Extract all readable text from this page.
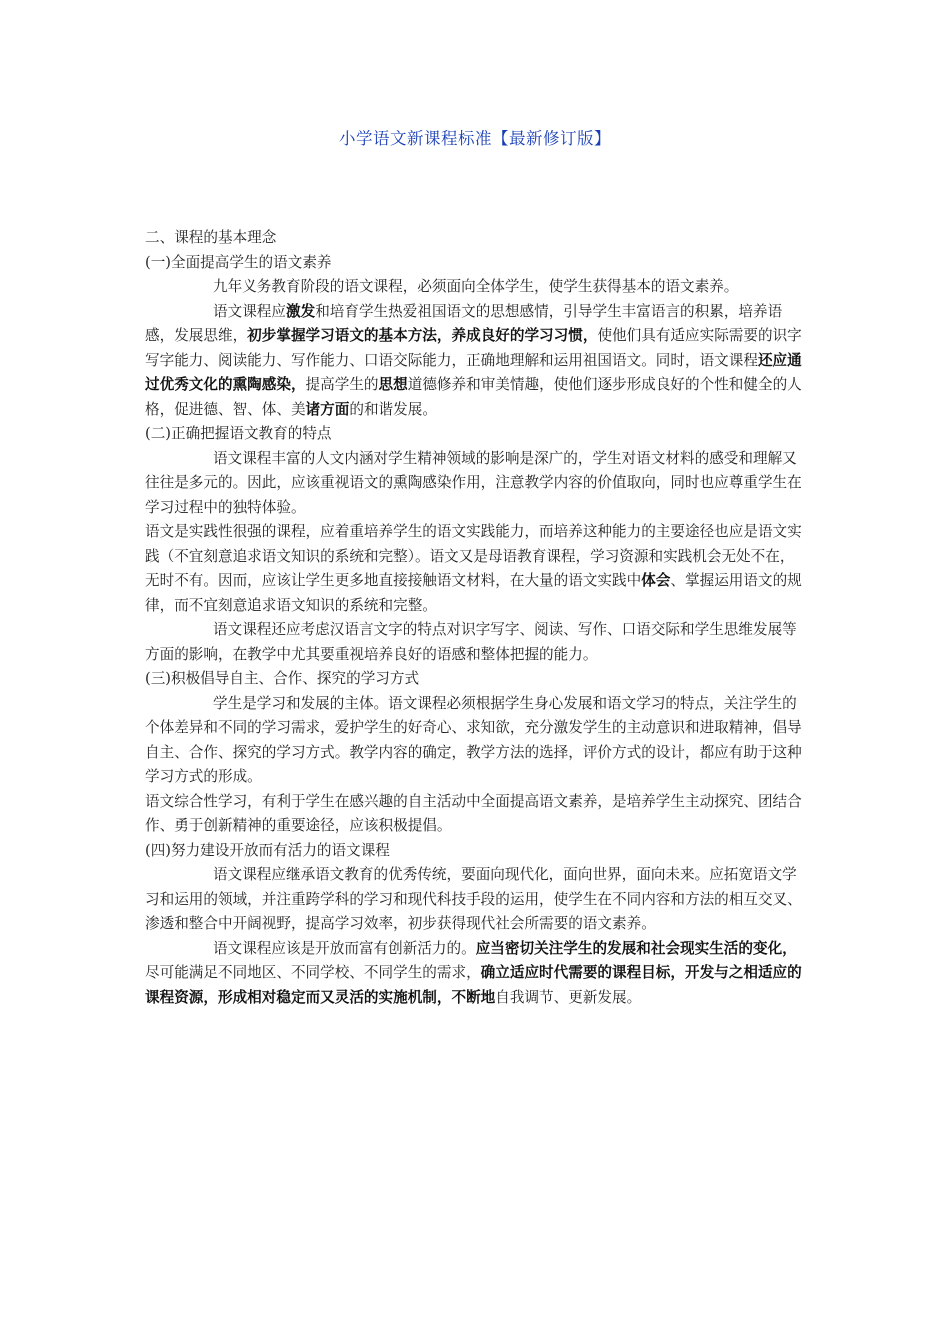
小学语文新课程标准【最新修订版】

二、课程的基本理念

(一)全面提高学生的语文素养

九年义务教育阶段的语文课程，必须面向全体学生，使学生获得基本的语文素养。

语文课程应激发和培育学生热爱祖国语文的思想感情，引导学生丰富语言的积累，培养语感，发展思维，初步掌握学习语文的基本方法，养成良好的学习习惯，使他们具有适应实际需要的识字写字能力、阅读能力、写作能力、口语交际能力，正确地理解和运用祖国语文。同时，语文课程还应通过优秀文化的熏陶感染，提高学生的思想道德修养和审美情趣，使他们逐步形成良好的个性和健全的人格，促进德、智、体、美诸方面的和谐发展。

(二)正确把握语文教育的特点

语文课程丰富的人文内涵对学生精神领域的影响是深广的，学生对语文材料的感受和理解又往往是多元的。因此，应该重视语文的熏陶感染作用，注意教学内容的价值取向，同时也应尊重学生在学习过程中的独特体验。

语文是实践性很强的课程，应着重培养学生的语文实践能力，而培养这种能力的主要途径也应是语文实践（不宜刻意追求语文知识的系统和完整）。语文又是母语教育课程，学习资源和实践机会无处不在，无时不有。因而，应该让学生更多地直接接触语文材料，在大量的语文实践中体会、掌握运用语文的规律，而不宜刻意追求语文知识的系统和完整。

语文课程还应考虑汉语言文字的特点对识字写字、阅读、写作、口语交际和学生思维发展等方面的影响，在教学中尤其要重视培养良好的语感和整体把握的能力。

(三)积极倡导自主、合作、探究的学习方式

学生是学习和发展的主体。语文课程必须根据学生身心发展和语文学习的特点，关注学生的个体差异和不同的学习需求，爱护学生的好奇心、求知欲，充分激发学生的主动意识和进取精神，倡导自主、合作、探究的学习方式。教学内容的确定，教学方法的选择，评价方式的设计，都应有助于这种学习方式的形成。

语文综合性学习，有利于学生在感兴趣的自主活动中全面提高语文素养，是培养学生主动探究、团结合作、勇于创新精神的重要途径，应该积极提倡。

(四)努力建设开放而有活力的语文课程

语文课程应继承语文教育的优秀传统，要面向现代化，面向世界，面向未来。应拓宽语文学习和运用的领域，并注重跨学科的学习和现代科技手段的运用，使学生在不同内容和方法的相互交叉、渗透和整合中开阔视野，提高学习效率，初步获得现代社会所需要的语文素养。

语文课程应该是开放而富有创新活力的。应当密切关注学生的发展和社会现实生活的变化，尽可能满足不同地区、不同学校、不同学生的需求，确立适应时代需要的课程目标，开发与之相适应的课程资源，形成相对稳定而又灵活的实施机制，不断地自我调节、更新发展。
